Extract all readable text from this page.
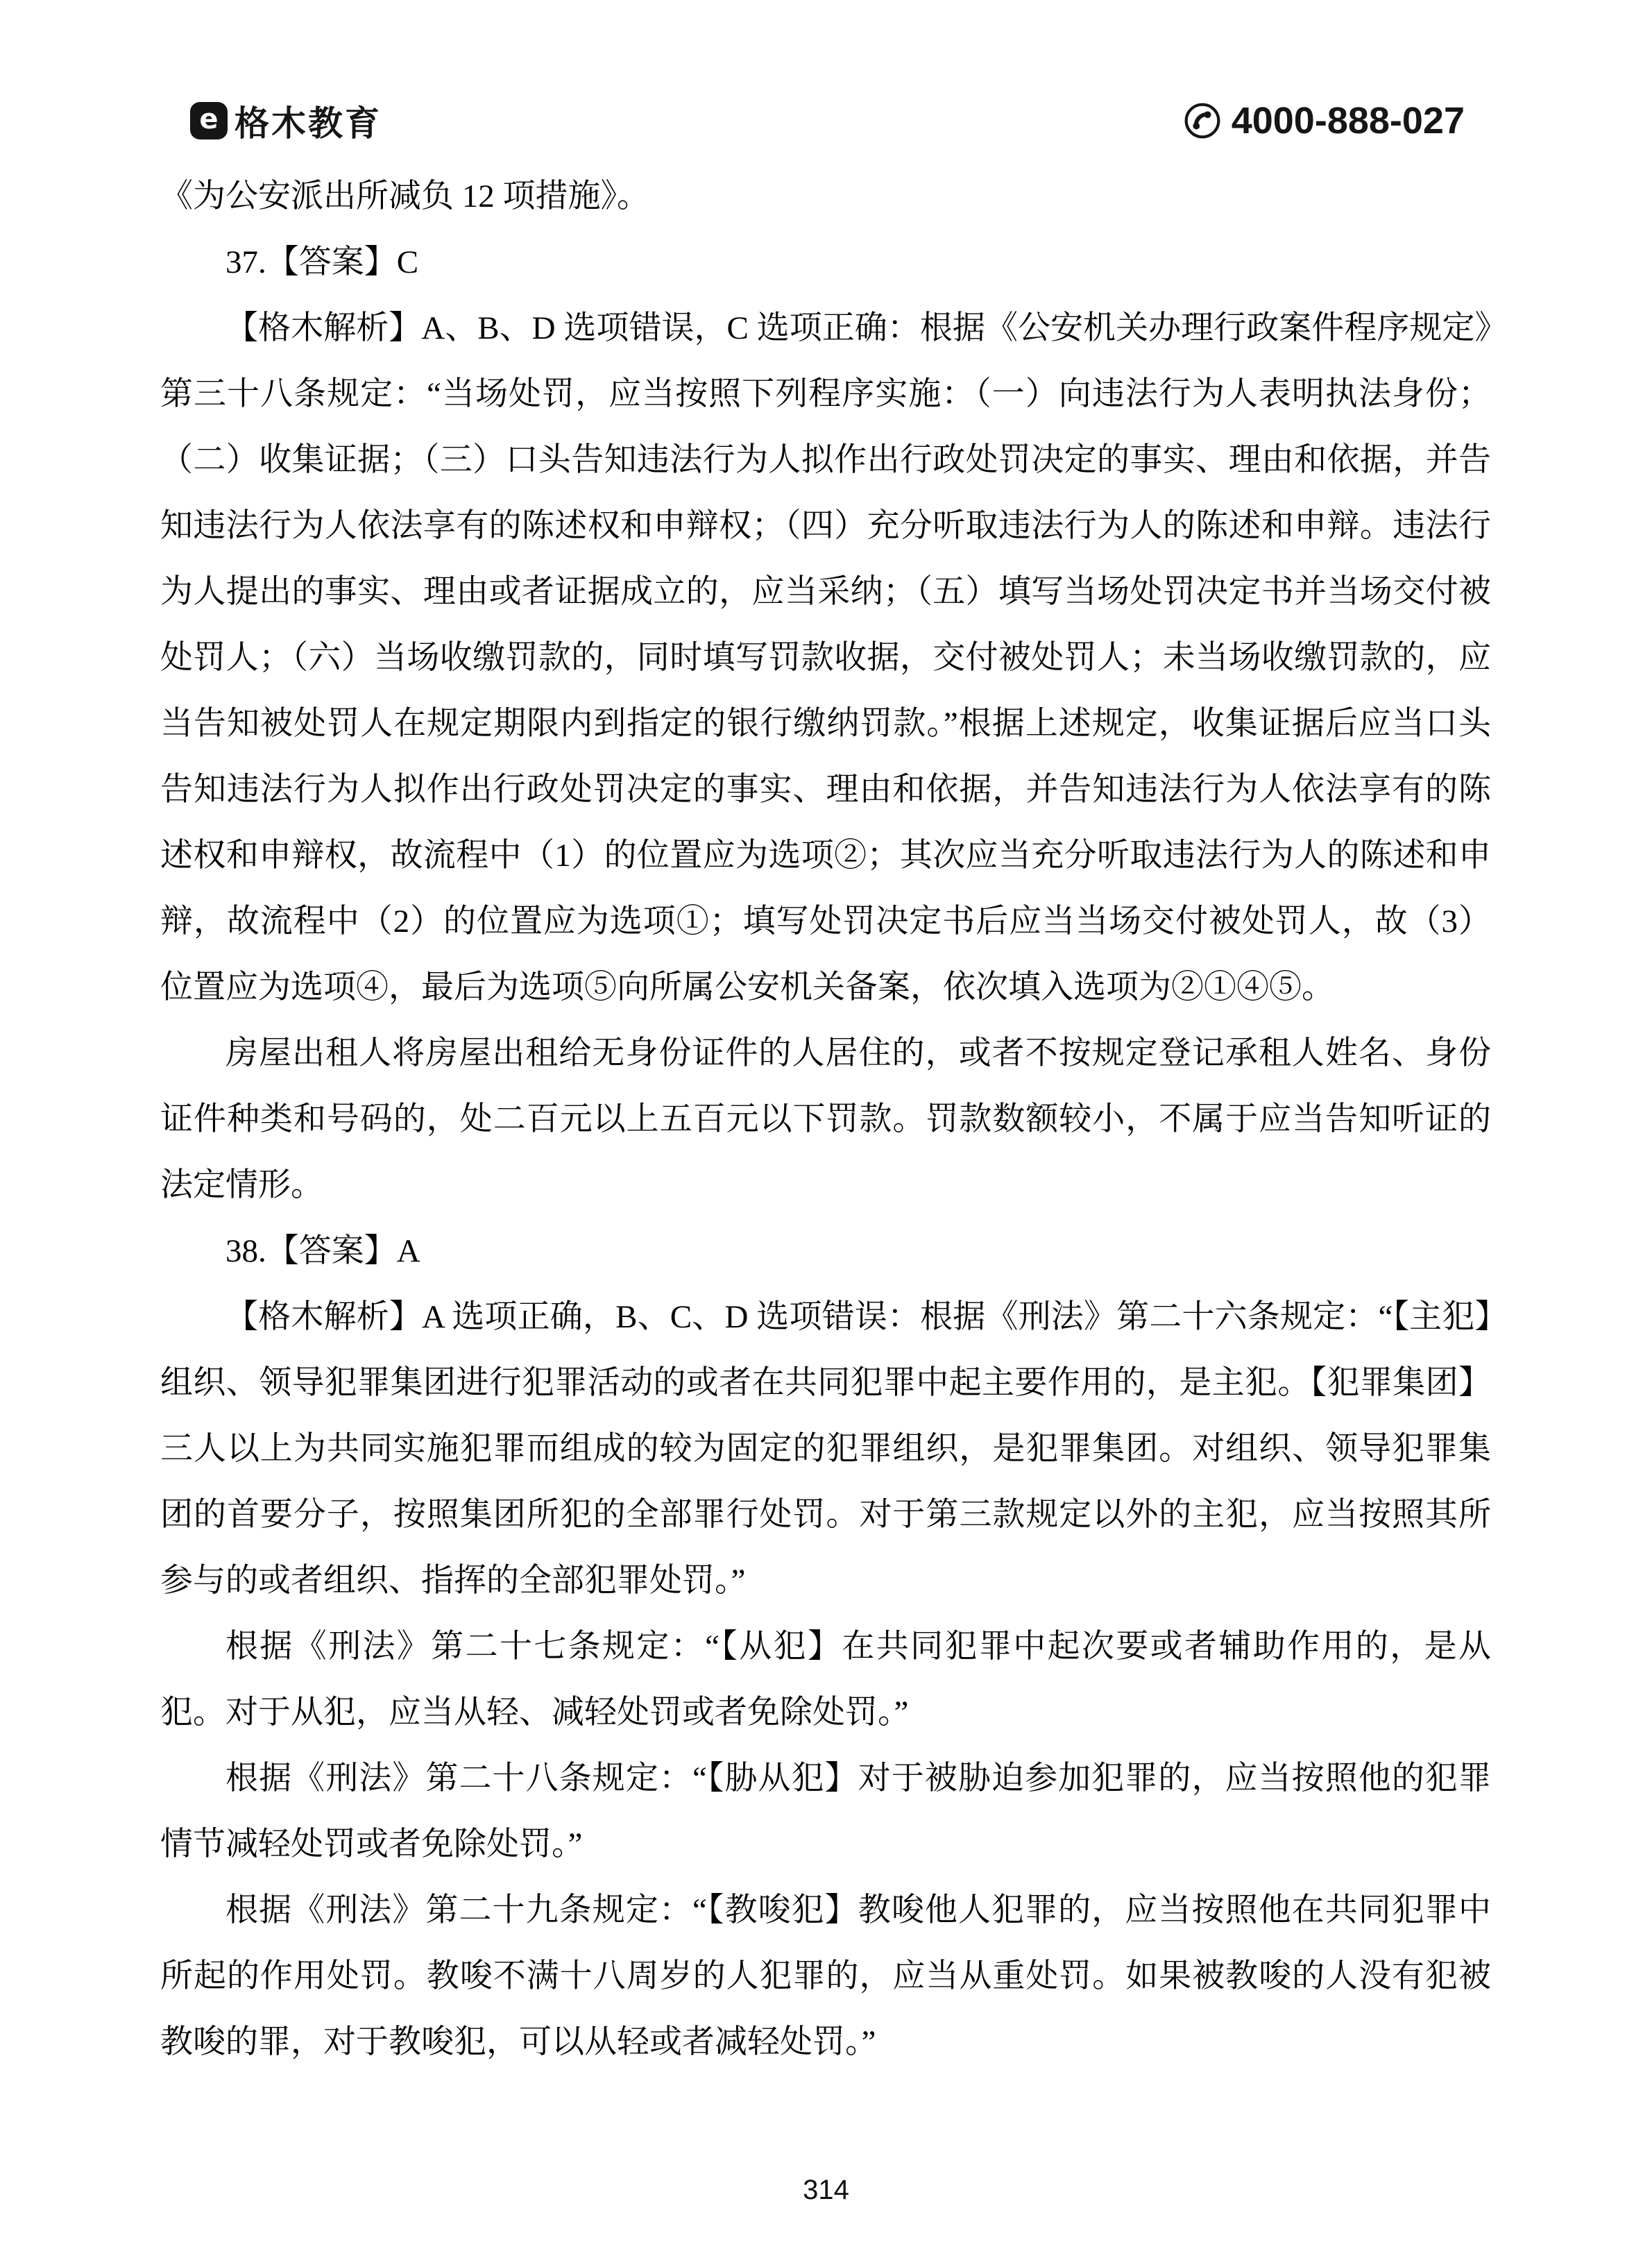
e 格木教育	4000-888-027

《为公安派出所减负 12 项措施》。

37.【答案】C

【格木解析】A、B、D 选项错误，C 选项正确：根据《公安机关办理行政案件程序规定》第三十八条规定：“当场处罚，应当按照下列程序实施：（一）向违法行为人表明执法身份；（二）收集证据；（三）口头告知违法行为人拟作出行政处罚决定的事实、理由和依据，并告知违法行为人依法享有的陈述权和申辩权；（四）充分听取违法行为人的陈述和申辩。违法行为人提出的事实、理由或者证据成立的，应当采纳；（五）填写当场处罚决定书并当场交付被处罚人；（六）当场收缴罚款的，同时填写罚款收据，交付被处罚人；未当场收缴罚款的，应当告知被处罚人在规定期限内到指定的银行缴纳罚款。”根据上述规定，收集证据后应当口头告知违法行为人拟作出行政处罚决定的事实、理由和依据，并告知违法行为人依法享有的陈述权和申辩权，故流程中（1）的位置应为选项②；其次应当充分听取违法行为人的陈述和申辩，故流程中（2）的位置应为选项①；填写处罚决定书后应当当场交付被处罚人，故（3）位置应为选项④，最后为选项⑤向所属公安机关备案，依次填入选项为②①④⑤。

房屋出租人将房屋出租给无身份证件的人居住的，或者不按规定登记承租人姓名、身份证件种类和号码的，处二百元以上五百元以下罚款。罚款数额较小，不属于应当告知听证的法定情形。

38.【答案】A

【格木解析】A 选项正确，B、C、D 选项错误：根据《刑法》第二十六条规定：“【主犯】组织、领导犯罪集团进行犯罪活动的或者在共同犯罪中起主要作用的，是主犯。【犯罪集团】三人以上为共同实施犯罪而组成的较为固定的犯罪组织，是犯罪集团。对组织、领导犯罪集团的首要分子，按照集团所犯的全部罪行处罚。对于第三款规定以外的主犯，应当按照其所参与的或者组织、指挥的全部犯罪处罚。”

根据《刑法》第二十七条规定：“【从犯】在共同犯罪中起次要或者辅助作用的，是从犯。对于从犯，应当从轻、减轻处罚或者免除处罚。”

根据《刑法》第二十八条规定：“【胁从犯】对于被胁迫参加犯罪的，应当按照他的犯罪情节减轻处罚或者免除处罚。”

根据《刑法》第二十九条规定：“【教唆犯】教唆他人犯罪的，应当按照他在共同犯罪中所起的作用处罚。教唆不满十八周岁的人犯罪的，应当从重处罚。如果被教唆的人没有犯被教唆的罪，对于教唆犯，可以从轻或者减轻处罚。”

314
